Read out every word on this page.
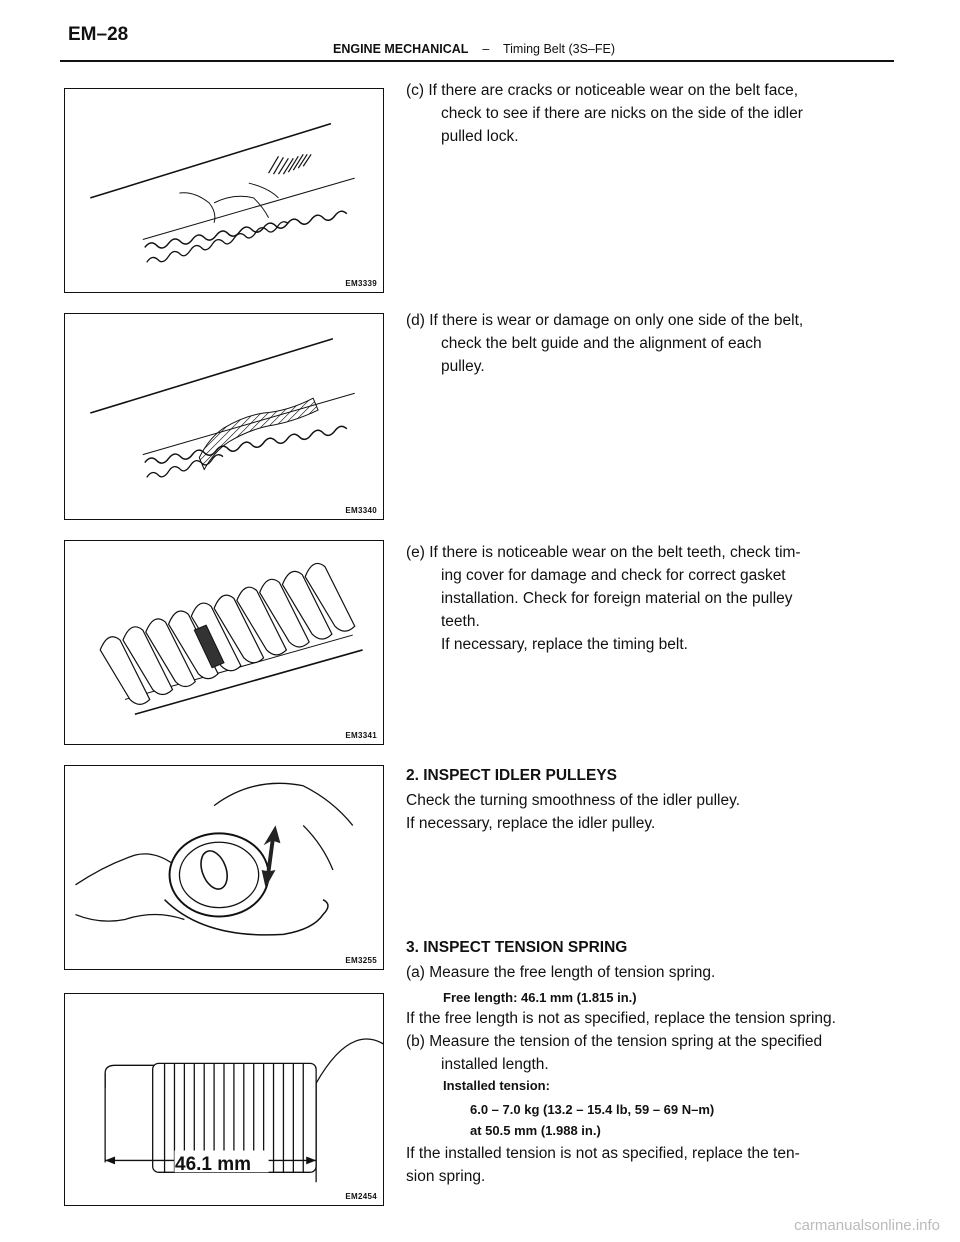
EM–28
ENGINE MECHANICAL – Timing Belt (3S–FE)
EM3339
(c) If there are cracks or noticeable wear on the belt face,
check to see if there are nicks on the side of the idler
pulled lock.
EM3340
(d) If there is wear or damage on only one side of the belt,
check the belt guide and the alignment of each
pulley.
EM3341
(e) If there is noticeable wear on the belt teeth, check tim-
ing cover for damage and check for correct gasket
installation. Check for foreign material on the pulley
teeth.
If necessary, replace the timing belt.
EM3255
2. INSPECT IDLER PULLEYS
Check the turning smoothness of the idler pulley.
If necessary, replace the idler pulley.
46.1 mm
EM2454
3. INSPECT TENSION SPRING
(a) Measure the free length of tension spring.
Free length: 46.1 mm (1.815 in.)
If the free length is not as specified, replace the tension spring.
(b) Measure the tension of the tension spring at the specified
installed length.
Installed tension:
6.0 – 7.0 kg (13.2 – 15.4 lb, 59 – 69 N–m)
at 50.5 mm (1.988 in.)
If the installed tension is not as specified, replace the ten-
sion spring.
carmanualsonline.info
